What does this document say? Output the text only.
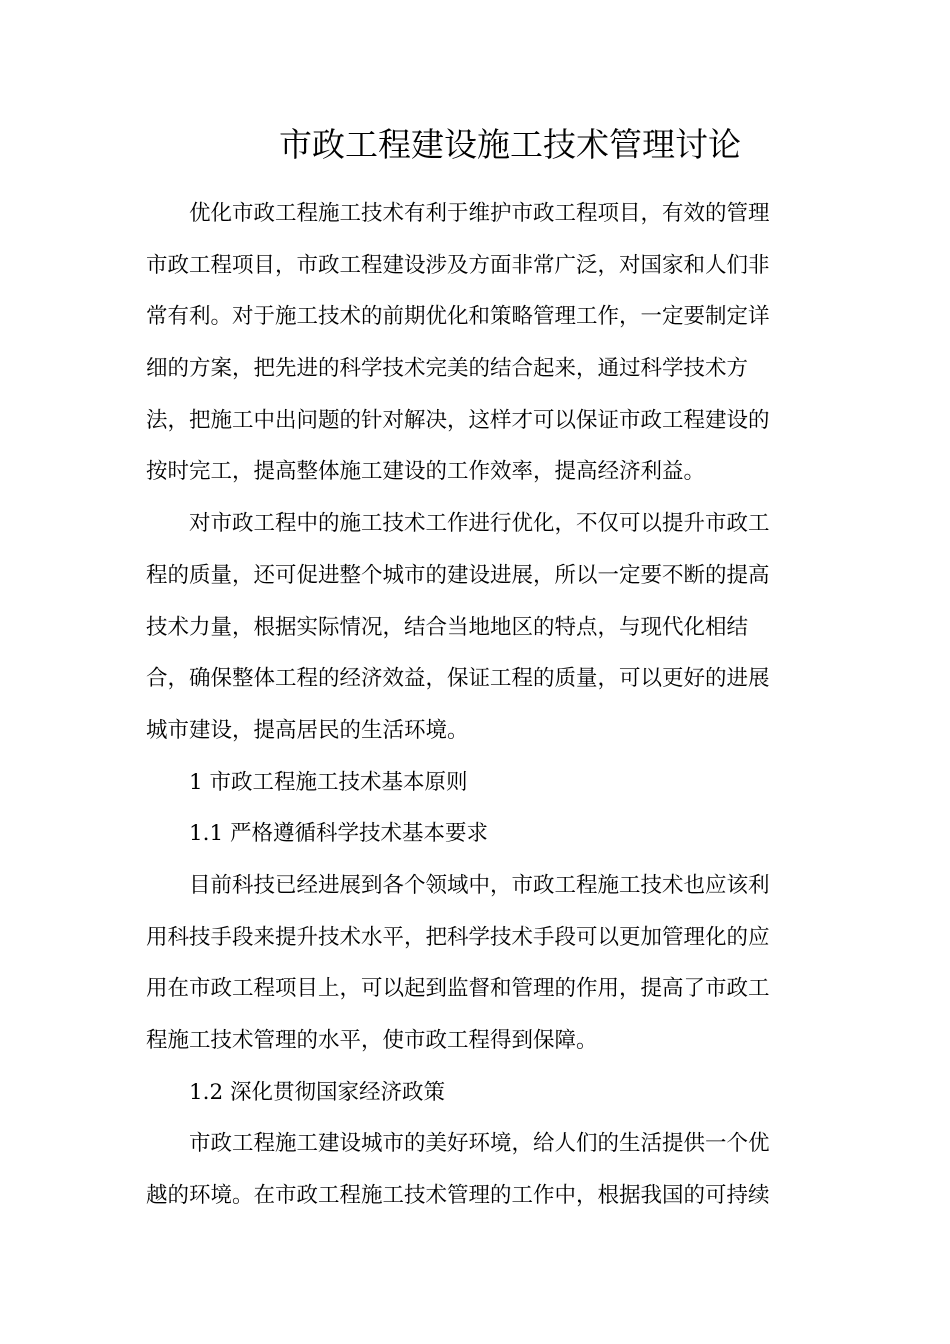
市政工程建设施工技术管理讨论
优化市政工程施工技术有利于维护市政工程项目，有效的管理
市政工程项目，市政工程建设涉及方面非常广泛，对国家和人们非
常有利。对于施工技术的前期优化和策略管理工作，一定要制定详
细的方案，把先进的科学技术完美的结合起来，通过科学技术方
法，把施工中出问题的针对解决，这样才可以保证市政工程建设的
按时完工，提高整体施工建设的工作效率，提高经济利益。
对市政工程中的施工技术工作进行优化，不仅可以提升市政工
程的质量，还可促进整个城市的建设进展，所以一定要不断的提高
技术力量，根据实际情况，结合当地地区的特点，与现代化相结
合，确保整体工程的经济效益，保证工程的质量，可以更好的进展
城市建设，提高居民的生活环境。
1 市政工程施工技术基本原则
1.1 严格遵循科学技术基本要求
目前科技已经进展到各个领域中，市政工程施工技术也应该利
用科技手段来提升技术水平，把科学技术手段可以更加管理化的应
用在市政工程项目上，可以起到监督和管理的作用，提高了市政工
程施工技术管理的水平，使市政工程得到保障。
1.2 深化贯彻国家经济政策
市政工程施工建设城市的美好环境，给人们的生活提供一个优
越的环境。在市政工程施工技术管理的工作中，根据我国的可持续
